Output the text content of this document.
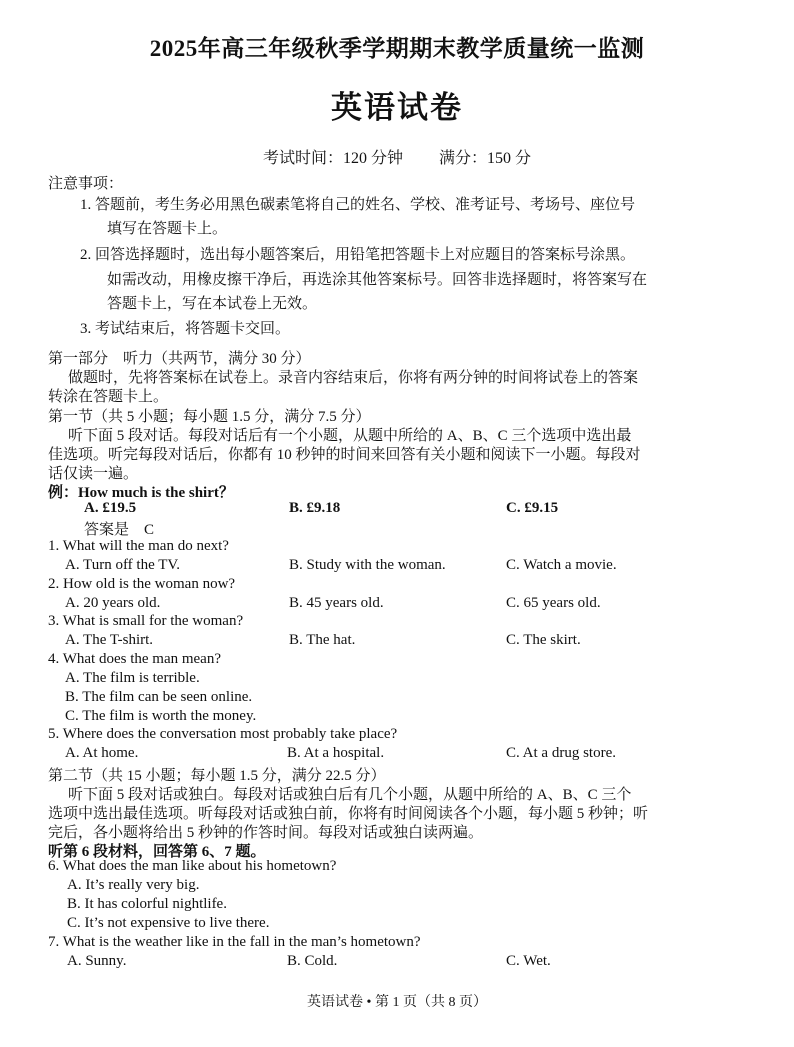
2025年高三年级秋季学期期末教学质量统一监测
英语试卷
考试时间：120 分钟 满分：150 分
注意事项：
1. 答题前，考生务必用黑色碳素笔将自己的姓名、学校、准考证号、考场号、座位号
填写在答题卡上。
2. 回答选择题时，选出每小题答案后，用铅笔把答题卡上对应题目的答案标号涂黑。
如需改动，用橡皮擦干净后，再选涂其他答案标号。回答非选择题时，将答案写在
答题卡上，写在本试卷上无效。
3. 考试结束后，将答题卡交回。
第一部分　听力（共两节，满分 30 分）
做题时，先将答案标在试卷上。录音内容结束后，你将有两分钟的时间将试卷上的答案
转涂在答题卡上。
第一节（共 5 小题；每小题 1.5 分，满分 7.5 分）
听下面 5 段对话。每段对话后有一个小题，从题中所给的 A、B、C 三个选项中选出最
佳选项。听完每段对话后，你都有 10 秒钟的时间来回答有关小题和阅读下一小题。每段对
话仅读一遍。
例：How much is the shirt？
A. £19.5	B. £9.18	C. £9.15
答案是　C
1. What will the man do next?
A. Turn off the TV.	B. Study with the woman.	C. Watch a movie.
2. How old is the woman now?
A. 20 years old.	B. 45 years old.	C. 65 years old.
3. What is small for the woman?
A. The T-shirt.	B. The hat.	C. The skirt.
4. What does the man mean?
A. The film is terrible.
B. The film can be seen online.
C. The film is worth the money.
5. Where does the conversation most probably take place?
A. At home.	B. At a hospital.	C. At a drug store.
第二节（共 15 小题；每小题 1.5 分，满分 22.5 分）
听下面 5 段对话或独白。每段对话或独白后有几个小题，从题中所给的 A、B、C 三个
选项中选出最佳选项。听每段对话或独白前，你将有时间阅读各个小题，每小题 5 秒钟；听
完后，各小题将给出 5 秒钟的作答时间。每段对话或独白读两遍。
听第 6 段材料，回答第 6、7 题。
6. What does the man like about his hometown?
A. It’s really very big.
B. It has colorful nightlife.
C. It’s not expensive to live there.
7. What is the weather like in the fall in the man’s hometown?
A. Sunny.	B. Cold.	C. Wet.
英语试卷 • 第 1 页（共 8 页）
